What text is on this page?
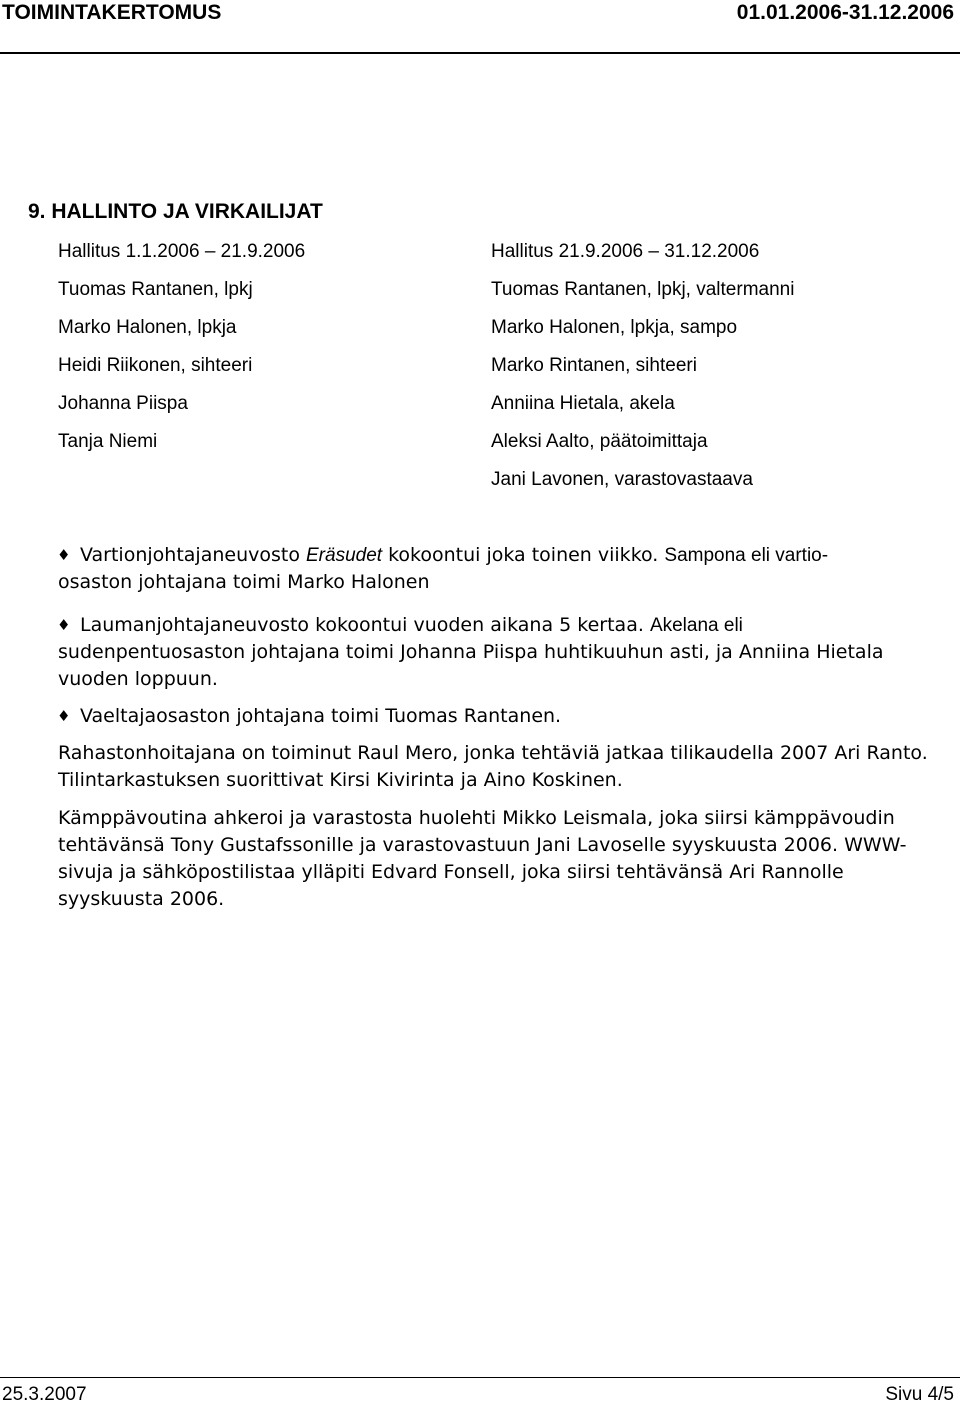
TOIMINTAKERTOMUS	01.01.2006-31.12.2006
9. HALLINTO JA VIRKAILIJAT
Hallitus 1.1.2006 – 21.9.2006
Tuomas Rantanen, lpkj
Marko Halonen, lpkja
Heidi Riikonen, sihteeri
Johanna Piispa
Tanja Niemi
Hallitus 21.9.2006 – 31.12.2006
Tuomas Rantanen, lpkj, valtermanni
Marko Halonen, lpkja, sampo
Marko Rintanen, sihteeri
Anniina Hietala, akela
Aleksi Aalto, päätoimittaja
Jani Lavonen, varastovastaava
♦ Vartionjohtajaneuvosto Eräsudet kokoontui joka toinen viikko. Sampona eli vartio-
osaston johtajana toimi Marko Halonen
♦ Laumanjohtajaneuvosto kokoontui vuoden aikana 5 kertaa. Akelana eli
sudenpentuosaston johtajana toimi Johanna Piispa huhtikuuhun asti, ja Anniina Hietala vuoden loppuun.
♦ Vaeltajaosaston johtajana toimi Tuomas Rantanen.

Rahastonhoitajana on toiminut Raul Mero, jonka tehtäviä jatkaa tilikaudella 2007 Ari Ranto. Tilintarkastuksen suorittivat Kirsi Kivirinta ja Aino Koskinen.

Kämppävoutina ahkeroi ja varastosta huolehti Mikko Leismala, joka siirsi kämppävoudin tehtävänsä Tony Gustafssonille ja varastovastuun Jani Lavoselle syyskuusta 2006. WWW-sivuja ja sähköpostilistaa ylläpiti Edvard Fonsell, joka siirsi tehtävänsä Ari Rannolle syyskuusta 2006.

25.3.2007	Sivu 4/5
